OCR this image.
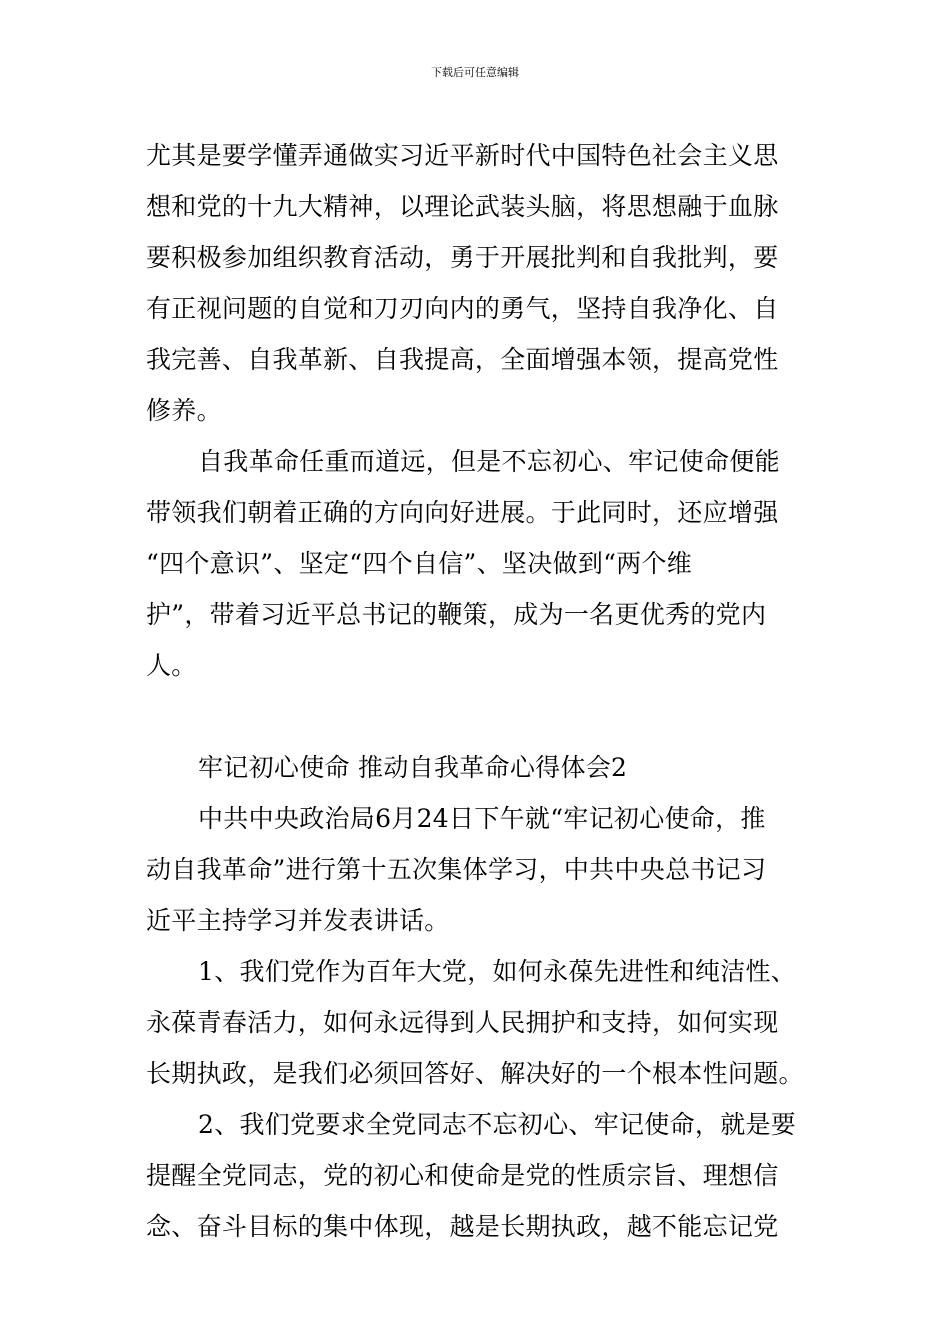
下载后可任意编辑
尤其是要学懂弄通做实习近平新时代中国特色社会主义思
想和党的十九大精神，以理论武装头脑，将思想融于血脉
要积极参加组织教育活动，勇于开展批判和自我批判，要
有正视问题的自觉和刀刃向内的勇气，坚持自我净化、自
我完善、自我革新、自我提高，全面增强本领，提高党性
修养。
自我革命任重而道远，但是不忘初心、牢记使命便能
带领我们朝着正确的方向向好进展。于此同时，还应增强
“四个意识”、坚定“四个自信”、坚决做到“两个维
护”，带着习近平总书记的鞭策，成为一名更优秀的党内
人。
牢记初心使命 推动自我革命心得体会2
中共中央政治局6月24日下午就“牢记初心使命，推
动自我革命”进行第十五次集体学习，中共中央总书记习
近平主持学习并发表讲话。
1、我们党作为百年大党，如何永葆先进性和纯洁性、
永葆青春活力，如何永远得到人民拥护和支持，如何实现
长期执政，是我们必须回答好、解决好的一个根本性问题。
2、我们党要求全党同志不忘初心、牢记使命，就是要
提醒全党同志，党的初心和使命是党的性质宗旨、理想信
念、奋斗目标的集中体现，越是长期执政，越不能忘记党
